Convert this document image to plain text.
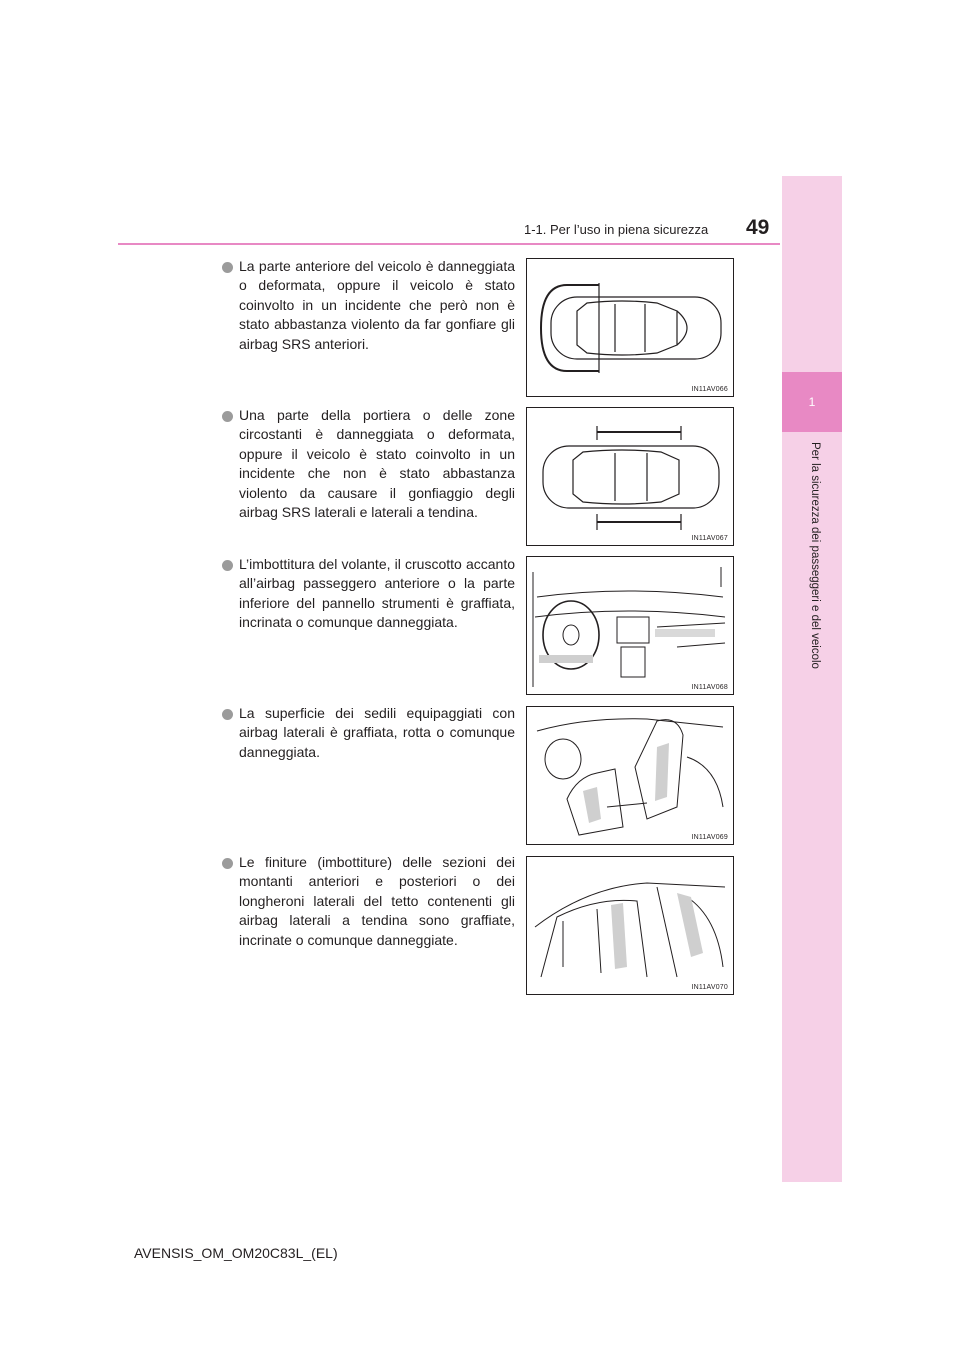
1-1. Per l’uso in piena sicurezza 49
1
Per la sicurezza dei passeggeri e del veicolo
La parte anteriore del veicolo è danneggiata o deformata, oppure il veicolo è stato coinvolto in un incidente che però non è stato abbastanza violento da far gonfiare gli airbag SRS anteriori.
IN11AV066
Una parte della portiera o delle zone circostanti è danneggiata o deformata, oppure il veicolo è stato coinvolto in un incidente che non è stato abbastanza violento da causare il gonfiaggio degli airbag SRS laterali e laterali a tendina.
IN11AV067
L’imbottitura del volante, il cruscotto accanto all’airbag passeggero anteriore o la parte inferiore del pannello strumenti è graffiata, incrinata o comunque danneggiata.
IN11AV068
La superficie dei sedili equipaggiati con airbag laterali è graffiata, rotta o comunque danneggiata.
IN11AV069
Le finiture (imbottiture) delle sezioni dei montanti anteriori e posteriori o dei longheroni laterali del tetto contenenti gli airbag laterali a tendina sono graffiate, incrinate o comunque danneggiate.
IN11AV070
AVENSIS_OM_OM20C83L_(EL)
